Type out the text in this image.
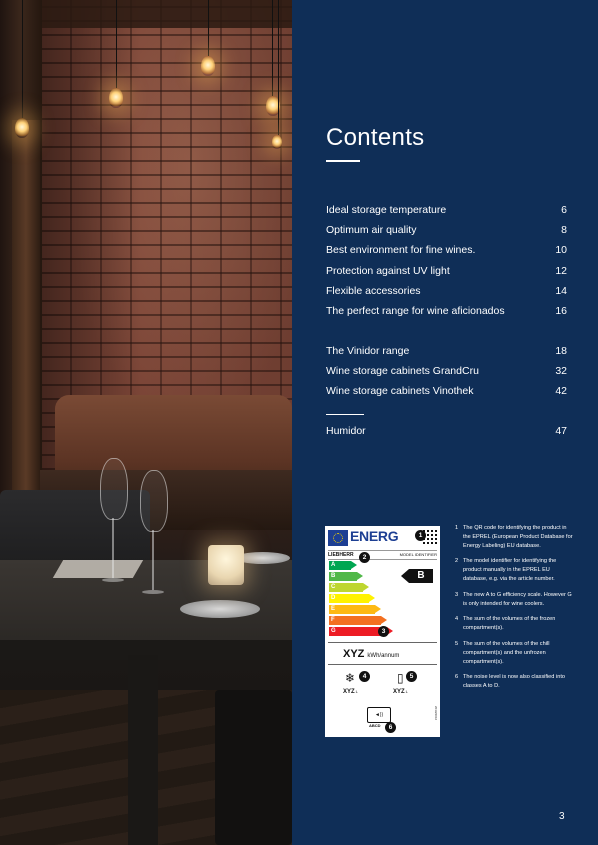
Contents
Ideal storage temperature	6
Optimum air quality	8
Best environment for fine wines.	10
Protection against UV light	12
Flexible accessories	14
The perfect range for wine aficionados	16
The Vinidor range	18
Wine storage cabinets GrandCru	32
Wine storage cabinets Vinothek	42
Humidor	47
ENERG
LIEBHERR	MODEL IDENTIFIER
A
B
C
D
E
F
G
B
XYZ kWh/annum
❄
XYZL
▯
XYZL
◄))
ABCD
2019/2016
1
2
3
4	5
6
1 The QR code for identifying the product in the EPREL (European Product Database for Energy Labeling) EU database.
2 The model identifier for identifying the product manually in the EPREL EU database, e.g. via the article number.
3 The new A to G efficiency scale. However G is only intended for wine coolers.
4 The sum of the volumes of the frozen compartment(s).
5 The sum of the volumes of the chill compartment(s) and the unfrozen compartment(s).
6 The noise level is now also classified into classes A to D.
3
